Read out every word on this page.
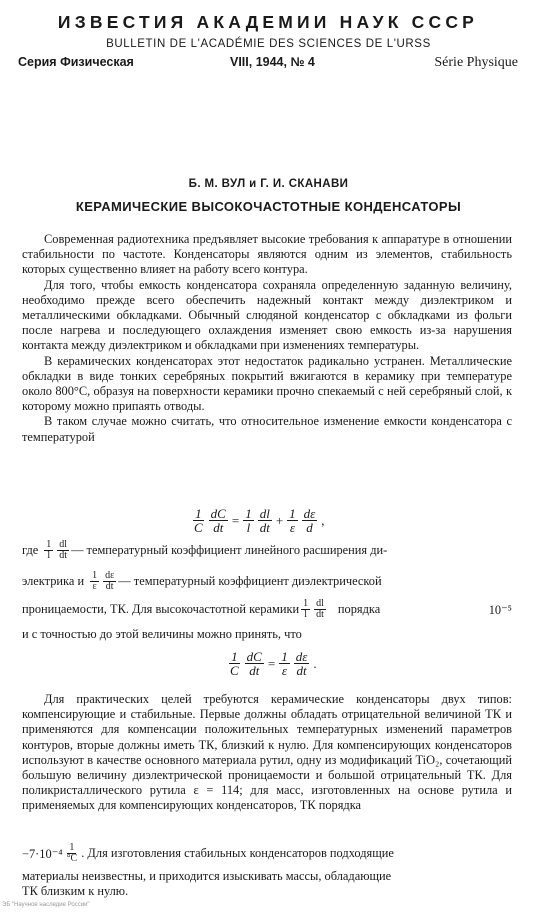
ИЗВЕСТИЯ АКАДЕМИИ НАУК СССР
BULLETIN DE L'ACADÉMIE DES SCIENCES DE L'URSS
Серия Физическая	VIII, 1944, № 4	Série Physique
Б. М. ВУЛ и Г. И. СКАНАВИ
КЕРАМИЧЕСКИЕ ВЫСОКОЧАСТОТНЫЕ КОНДЕНСАТОРЫ

Современная радиотехника предъявляет высокие требования к аппаратуре в отношении стабильности по частоте. Конденсаторы являются одним из элементов, стабильность которых существенно влияет на работу всего контура.

Для того, чтобы емкость конденсатора сохраняла определенную заданную величину, необходимо прежде всего обеспечить надежный контакт между диэлектриком и металлическими обкладками. Обычный слюдяной конденсатор с обкладками из фольги после нагрева и последующего охлаждения изменяет свою емкость из-за нарушения контакта между диэлектриком и обкладками при изменениях температуры.

В керамических конденсаторах этот недостаток радикально устранен. Металлические обкладки в виде тонких серебряных покрытий вжигаются в керамику при температуре около 800°C, образуя на поверхности керамики прочно спекаемый с ней серебряный слой, к которому можно припаять отводы.

В таком случае можно считать, что относительное изменение емкости конденсатора с температурой

$\frac{1}{C} \frac{dC}{dt} = \frac{1}{l} \frac{dl}{dt} + \frac{1}{\varepsilon} \frac{d\varepsilon}{d}$ ,
где $\frac{1}{l} \frac{dl}{dt}$ — температурный коэффициент линейного расширения ди-
электрика и $\frac{1}{\varepsilon} \frac{d\varepsilon}{dt}$ — температурный коэффициент диэлектрической
проницаемости, ТК. Для высокочастотной керамики $\frac{1}{l} \frac{dl}{dt}$ порядка	10⁻⁵
и с точностью до этой величины можно принять, что
$\frac{1}{C} \frac{dC}{dt} = \frac{1}{\varepsilon} \frac{d\varepsilon}{dt}$ .

Для практических целей требуются керамические конденсаторы двух типов: компенсирующие и стабильные. Первые должны обладать отрицательной величиной ТК и применяются для компенсации положительных температурных изменений параметров контуров, вторые должны иметь ТК, близкий к нулю. Для компенсирующих конденсаторов используют в качестве основного материала рутил, одну из модификаций TiO₂, сочетающий большую величину диэлектрической проницаемости и большой отрицательный ТК. Для поликристаллического рутила ε = 114; для масс, изготовленных на основе рутила и применяемых для компенсирующих конденсаторов, ТК порядка

$-7\cdot 10^{-4} \frac{1}{^\circ C}$ . Для изготовления стабильных конденсаторов подходящие
материалы неизвестны, и приходится изыскивать массы, обладающие
ТК близким к нулю.
ЭБ "Научное наследие России"
